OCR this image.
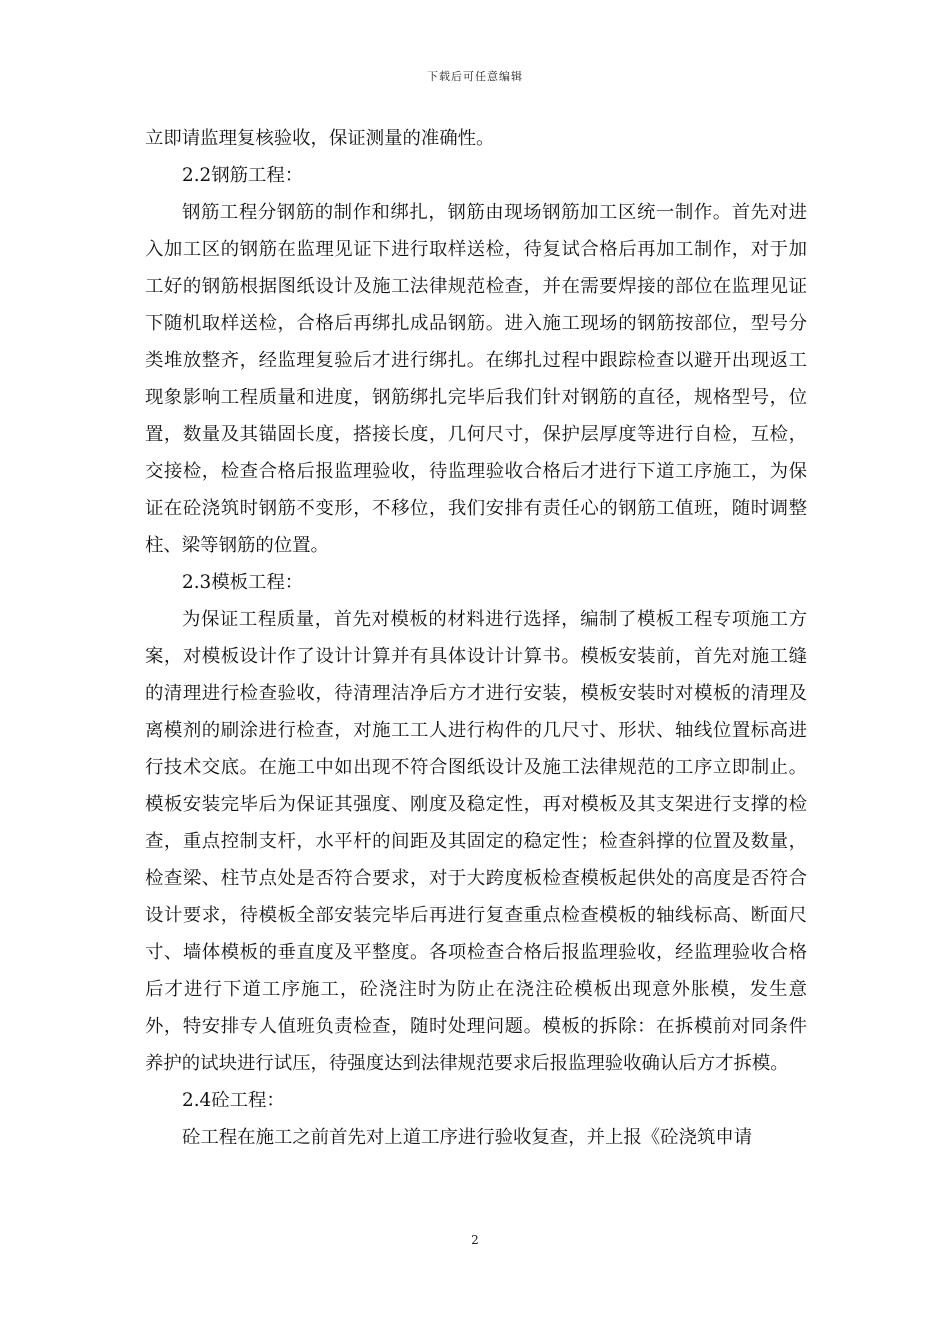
下载后可任意编辑

立即请监理复核验收，保证测量的准确性。

2.2钢筋工程：

钢筋工程分钢筋的制作和绑扎，钢筋由现场钢筋加工区统一制作。首先对进入加工区的钢筋在监理见证下进行取样送检，待复试合格后再加工制作，对于加工好的钢筋根据图纸设计及施工法律规范检查，并在需要焊接的部位在监理见证下随机取样送检，合格后再绑扎成品钢筋。进入施工现场的钢筋按部位，型号分类堆放整齐，经监理复验后才进行绑扎。在绑扎过程中跟踪检查以避开出现返工现象影响工程质量和进度，钢筋绑扎完毕后我们针对钢筋的直径，规格型号，位置，数量及其锚固长度，搭接长度，几何尺寸，保护层厚度等进行自检，互检，交接检，检查合格后报监理验收，待监理验收合格后才进行下道工序施工，为保证在砼浇筑时钢筋不变形，不移位，我们安排有责任心的钢筋工值班，随时调整柱、梁等钢筋的位置。

2.3模板工程：

为保证工程质量，首先对模板的材料进行选择，编制了模板工程专项施工方案，对模板设计作了设计计算并有具体设计计算书。模板安装前，首先对施工缝的清理进行检查验收，待清理洁净后方才进行安装，模板安装时对模板的清理及离模剂的刷涂进行检查，对施工工人进行构件的几尺寸、形状、轴线位置标高进行技术交底。在施工中如出现不符合图纸设计及施工法律规范的工序立即制止。模板安装完毕后为保证其强度、刚度及稳定性，再对模板及其支架进行支撑的检查，重点控制支杆，水平杆的间距及其固定的稳定性；检查斜撑的位置及数量，检查梁、柱节点处是否符合要求，对于大跨度板检查模板起供处的高度是否符合设计要求，待模板全部安装完毕后再进行复查重点检查模板的轴线标高、断面尺寸、墙体模板的垂直度及平整度。各项检查合格后报监理验收，经监理验收合格后才进行下道工序施工，砼浇注时为防止在浇注砼模板出现意外胀模，发生意外，特安排专人值班负责检查，随时处理问题。模板的拆除：在拆模前对同条件养护的试块进行试压，待强度达到法律规范要求后报监理验收确认后方才拆模。

2.4砼工程：

砼工程在施工之前首先对上道工序进行验收复查，并上报《砼浇筑申请

2
